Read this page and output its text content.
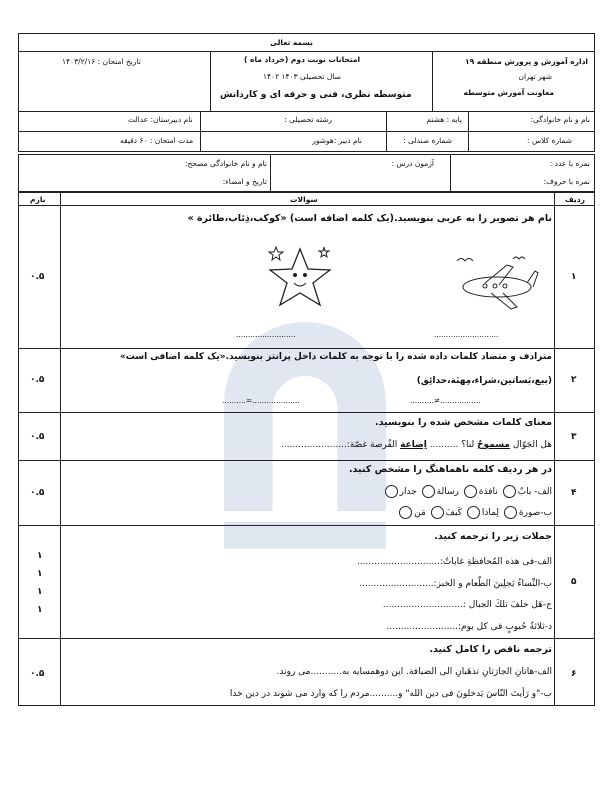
بسمه تعالی
اداره آموزش و پرورش منطقه ۱۹
شهر تهران
معاونت آموزش متوسطه
امتحانات نوبت دوم (خرداد ماه )
سال تحصیلی ۱۴۰۳ ۱۴۰۲
متوسطه نظری، فنی و حرفه ای و کاردانش
تاریخ امتحان : ۱۴۰۳/۲/۱۶
نام و نام خانوادگی:
پایه : هشتم
رشته تحصیلی :
نام دبیرستان: عدالت
شماره کلاس :
شماره صندلی :
نام دبیر :هوشور
مدت امتحان : ۶۰ دقیقه
نمره با عدد :
نمره با حروف:
آزمون درس :
نام و نام خانوادگی مصحح:
تاریخ و امضاء:
ردیف
سوالات
بارم
۱
۰.۵
نام هر تصویر را به عربی بنویسید.(یک کلمه اضافه است) «کوکب،ذِئاب،طائرة »
...........................
.........................
۲
۰.۵
مترادف و متضاد کلمات داده شده را با توجه به کلمات داخل پرانتز بنویسید.«یک کلمه اضافی است»
(بیع،بَساتین،شراء،مِهنَة،حدائِق)
.................≠..........
....................=..........
۳
۰.۵
معنای کلمات مشخص شده را بنویسید.
هل الجَوّال مسموحٌ لنا؟ .......... اِضاعة الفُرصة غصّة:.......................
۴
۰.۵
در هر ردیف کلمه ناهماهنگ را مشخص کنید.
الف- بابٌ نافذة رسالة جدار
ب-صورة لِماذا کَیفَ مَن
۵
۱
۱
۱
۱
جملات زیر را ترجمه کنید.
الف-فی هذه المُحافظةِ غاباتٌ:.............................
ب-النِّساءُ یَجلِبنَ الطّعام و الخبز:..........................
ج-هَل خلفَ تلكَ الجبال :............................
د-ثلاثةُ حُبوبٍ فی کل یوم:.........................
۶
۰.۵
ترجمه ناقص را کامل کنید.
الف-هاتانِ الجارَتانِ تذهَبانِ الی الضیافة. این دوهمسایه به...........می روند.
ب-"و رَأیتَ النّاسَ یَدخلونَ فی دین الله" و..........مردم را که وارد می شوند در دین خدا
